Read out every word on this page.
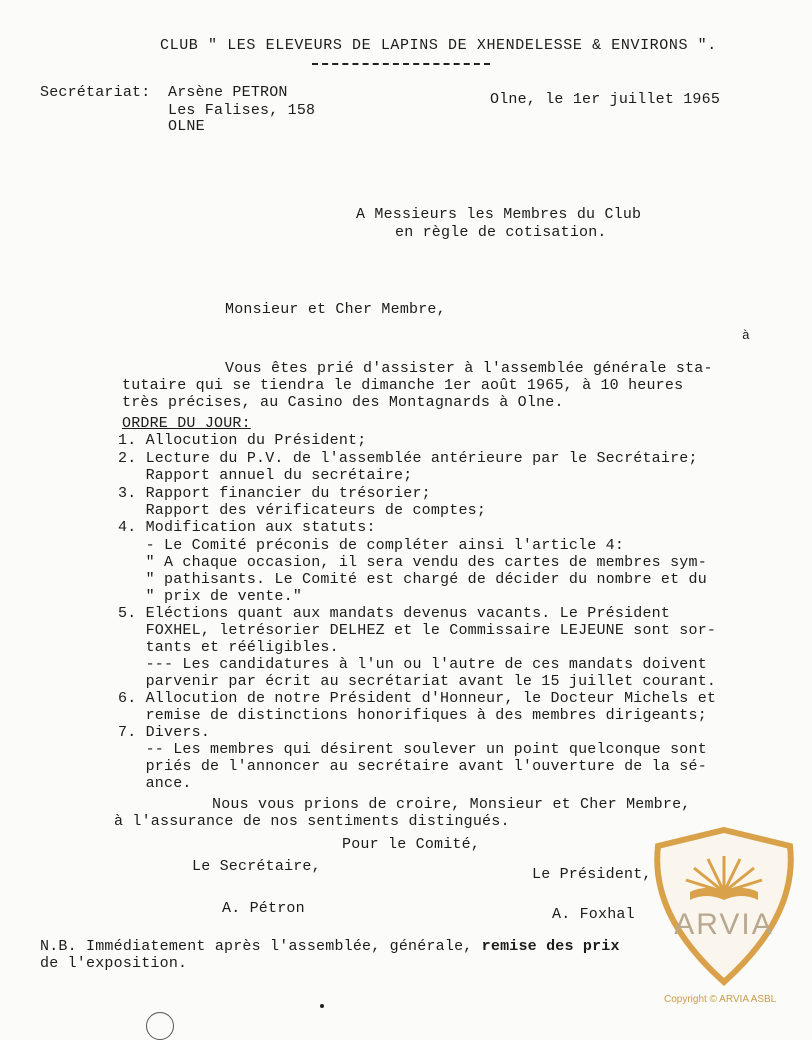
CLUB " LES ELEVEURS DE LAPINS DE XHENDELESSE & ENVIRONS ".
Secrétariat: Arsène PETRON
Les Falises, 158
OLNE
Olne, le 1er juillet 1965
A Messieurs les Membres du Club
en règle de cotisation.
Monsieur et Cher Membre,
à
Vous êtes prié d'assister à l'assemblée générale sta-
tutaire qui se tiendra le dimanche 1er août 1965, à 10 heures
très précises, au Casino des Montagnards à Olne.
ORDRE DU JOUR:
1. Allocution du Président;
2. Lecture du P.V. de l'assemblée antérieure par le Secrétaire;
Rapport annuel du secrétaire;
3. Rapport financier du trésorier;
Rapport des vérificateurs de comptes;
4. Modification aux statuts:
- Le Comité préconis de compléter ainsi l'article 4:
" A chaque occasion, il sera vendu des cartes de membres sym-
" pathisants. Le Comité est chargé de décider du nombre et du
" prix de vente."
5. Eléctions quant aux mandats devenus vacants. Le Président
FOXHEL, letrésorier DELHEZ et le Commissaire LEJEUNE sont sor-
tants et rééligibles.
--- Les candidatures à l'un ou l'autre de ces mandats doivent
parvenir par écrit au secrétariat avant le 15 juillet courant.
6. Allocution de notre Président d'Honneur, le Docteur Michels et
remise de distinctions honorifiques à des membres dirigeants;
7. Divers.
-- Les membres qui désirent soulever un point quelconque sont
priés de l'annoncer au secrétaire avant l'ouverture de la sé-
ance.
Nous vous prions de croire, Monsieur et Cher Membre,
à l'assurance de nos sentiments distingués.
Pour le Comité,
Le Secrétaire,	Le Président,
A. Pétron	A. Foxhal
N.B. Immédiatement après l'assemblée, générale, remise des prix
de l'exposition.
ARVIA
Copyright © ARVIA ASBL
